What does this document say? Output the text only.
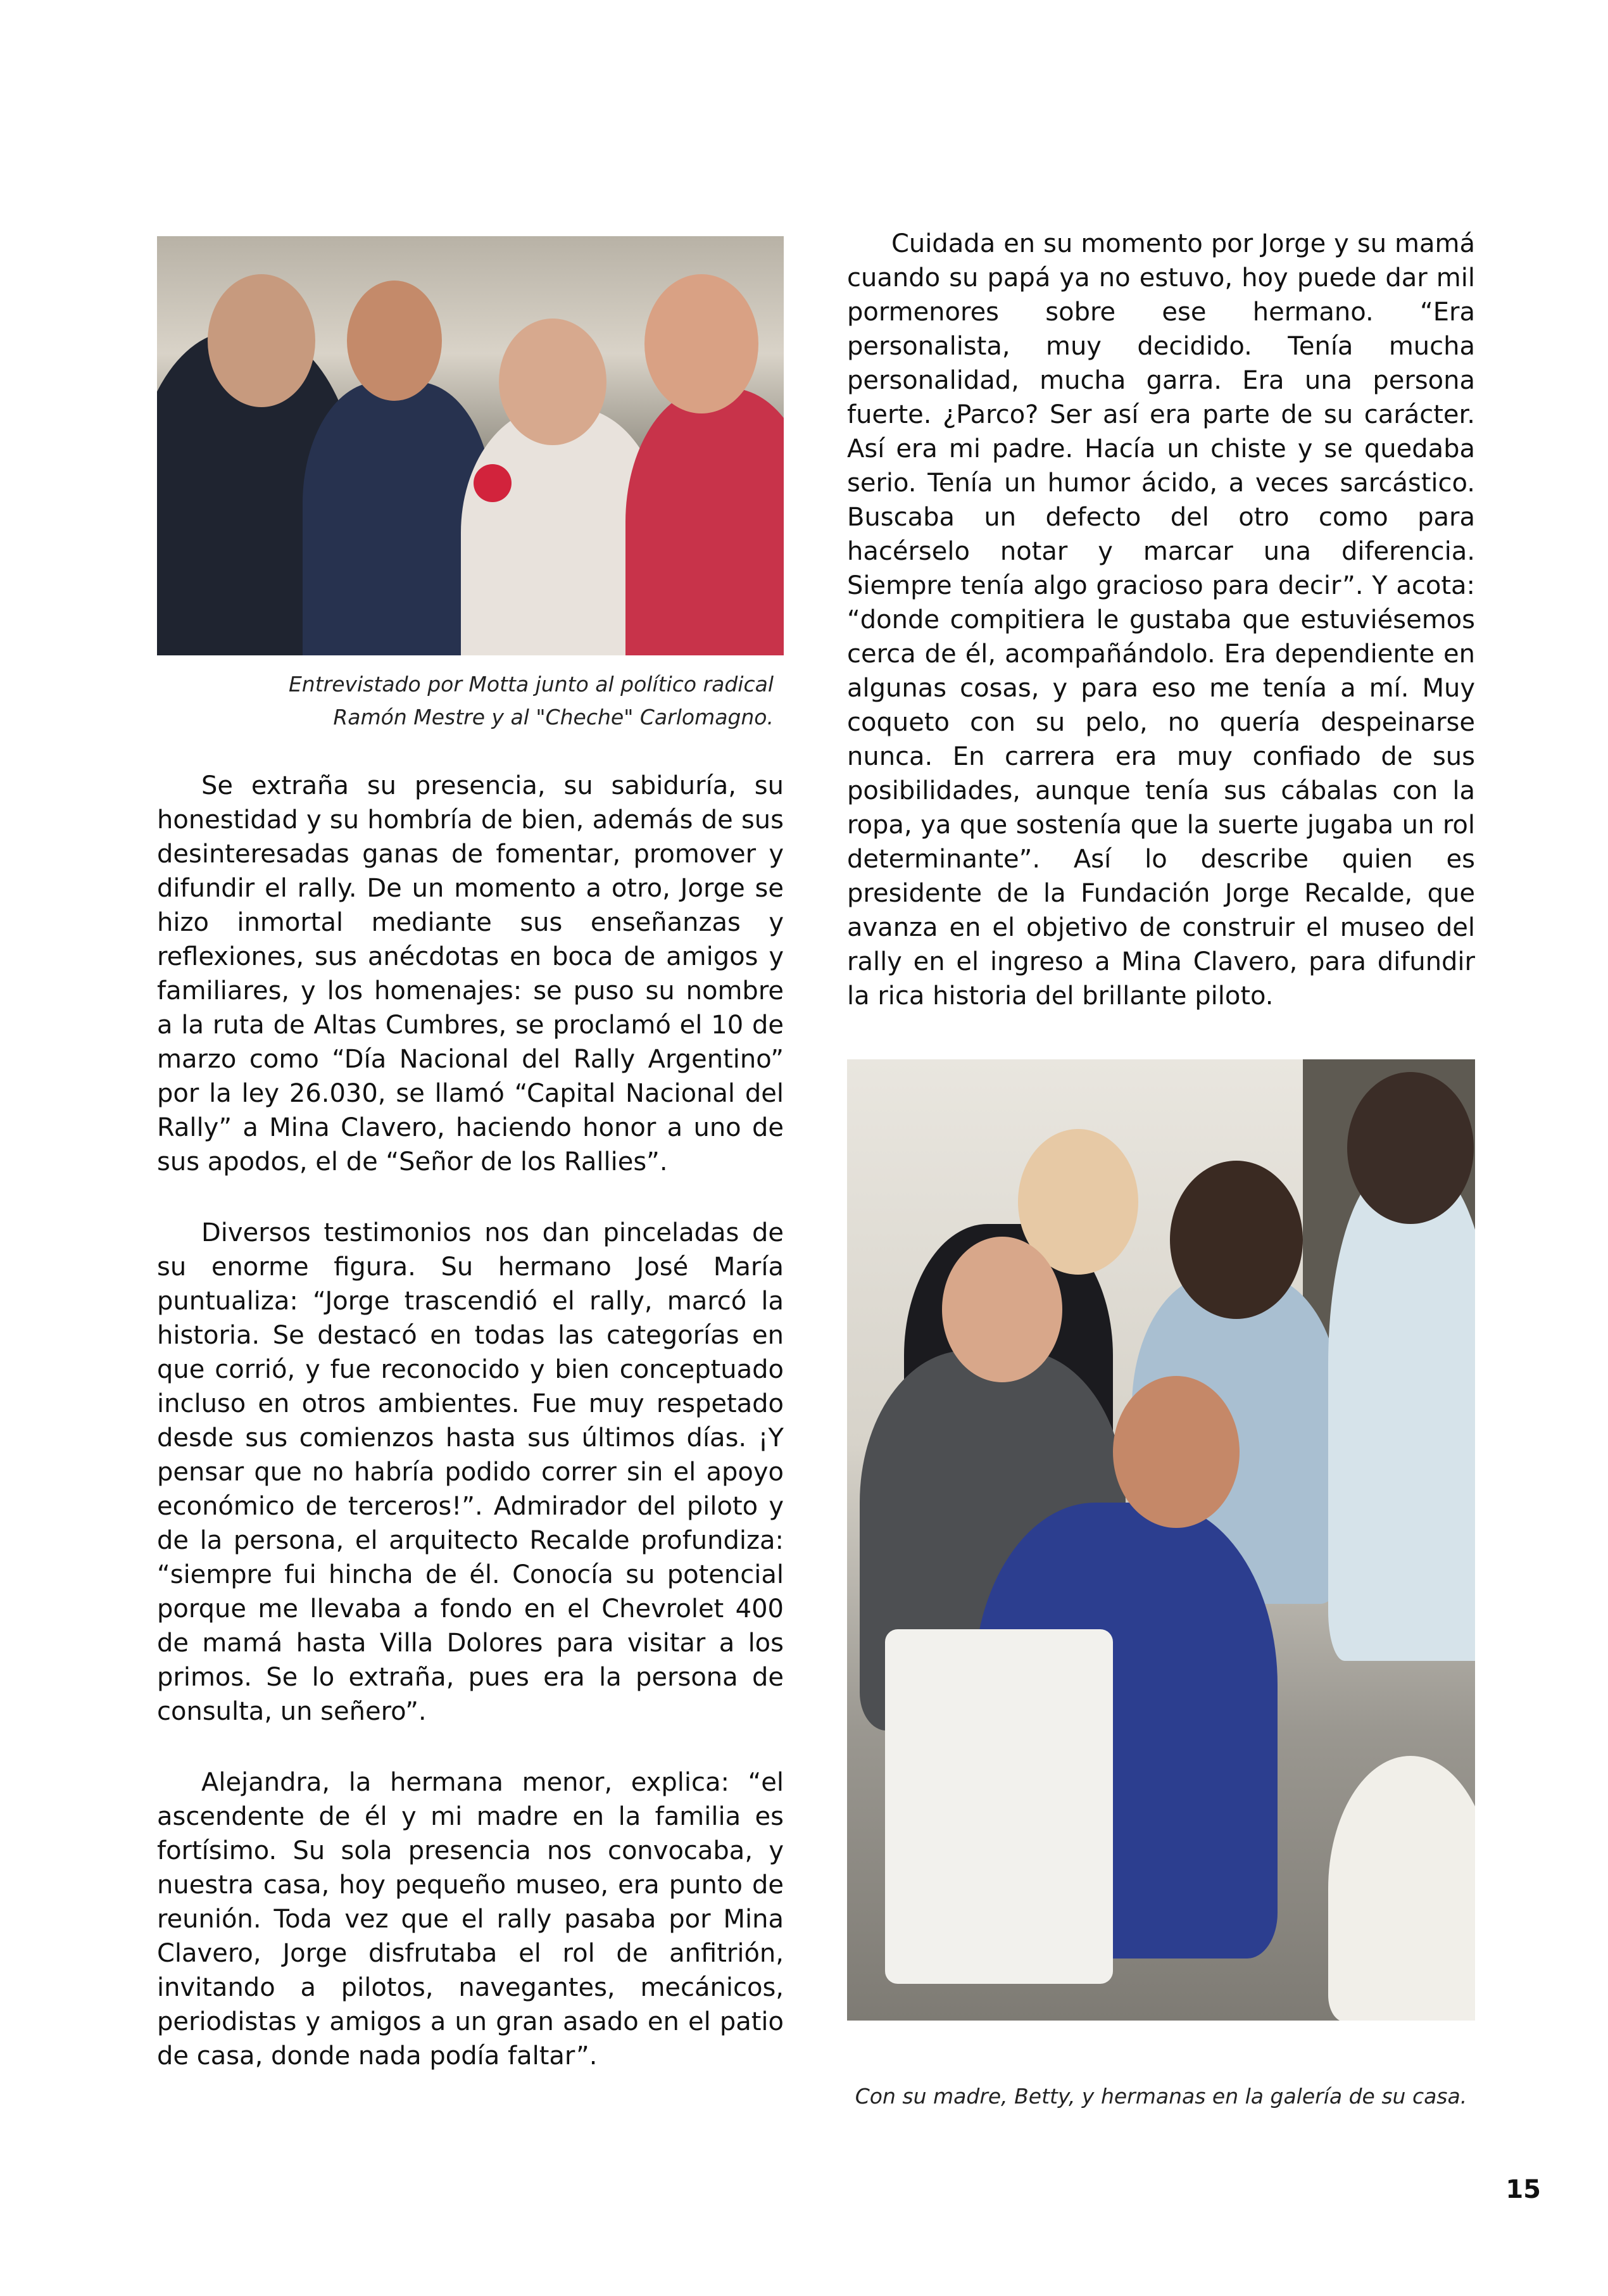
Entrevistado por Motta junto al político radical
Ramón Mestre y al "Cheche" Carlomagno.

Se extraña su presencia, su sabiduría, su honestidad y su hombría de bien, además de sus desinteresadas ganas de fomentar, promover y difundir el rally. De un momento a otro, Jorge se hizo inmortal mediante sus enseñanzas y reflexiones, sus anécdotas en boca de amigos y familiares, y los homenajes: se puso su nombre a la ruta de Altas Cumbres, se proclamó el 10 de marzo como “Día Nacional del Rally Argentino” por la ley 26.030, se llamó “Capital Nacional del Rally” a Mina Clavero, haciendo honor a uno de sus apodos, el de “Señor de los Rallies”.

Diversos testimonios nos dan pinceladas de su enorme figura. Su hermano José María puntualiza: “Jorge trascendió el rally, marcó la historia. Se destacó en todas las categorías en que corrió, y fue reconocido y bien conceptuado incluso en otros ambientes. Fue muy respetado desde sus comienzos hasta sus últimos días. ¡Y pensar que no habría podido correr sin el apoyo económico de terceros!”. Admirador del piloto y de la persona, el arquitecto Recalde profundiza: “siempre fui hincha de él. Conocía su potencial porque me llevaba a fondo en el Chevrolet 400 de mamá hasta Villa Dolores para visitar a los primos. Se lo extraña, pues era la persona de consulta, un señero”.

Alejandra, la hermana menor, explica: “el ascendente de él y mi madre en la familia es fortísimo. Su sola presencia nos convocaba, y nuestra casa, hoy pequeño museo, era punto de reunión. Toda vez que el rally pasaba por Mina Clavero, Jorge disfrutaba el rol de anfitrión, invitando a pilotos, navegantes, mecánicos, periodistas y amigos a un gran asado en el patio de casa, donde nada podía faltar”.

Cuidada en su momento por Jorge y su mamá cuando su papá ya no estuvo, hoy puede dar mil pormenores sobre ese hermano. “Era personalista, muy decidido. Tenía mucha personalidad, mucha garra. Era una persona fuerte. ¿Parco? Ser así era parte de su carácter. Así era mi padre. Hacía un chiste y se quedaba serio. Tenía un humor ácido, a veces sarcástico. Buscaba un defecto del otro como para hacérselo notar y marcar una diferencia. Siempre tenía algo gracioso para decir”. Y acota: “donde compitiera le gustaba que estuviésemos cerca de él, acompañándolo. Era dependiente en algunas cosas, y para eso me tenía a mí. Muy coqueto con su pelo, no quería despeinarse nunca. En carrera era muy confiado de sus posibilidades, aunque tenía sus cábalas con la ropa, ya que sostenía que la suerte jugaba un rol determinante”. Así lo describe quien es presidente de la Fundación Jorge Recalde, que avanza en el objetivo de construir el museo del rally en el ingreso a Mina Clavero, para difundir la rica historia del brillante piloto.

Con su madre, Betty, y hermanas en la galería de su casa.
15
